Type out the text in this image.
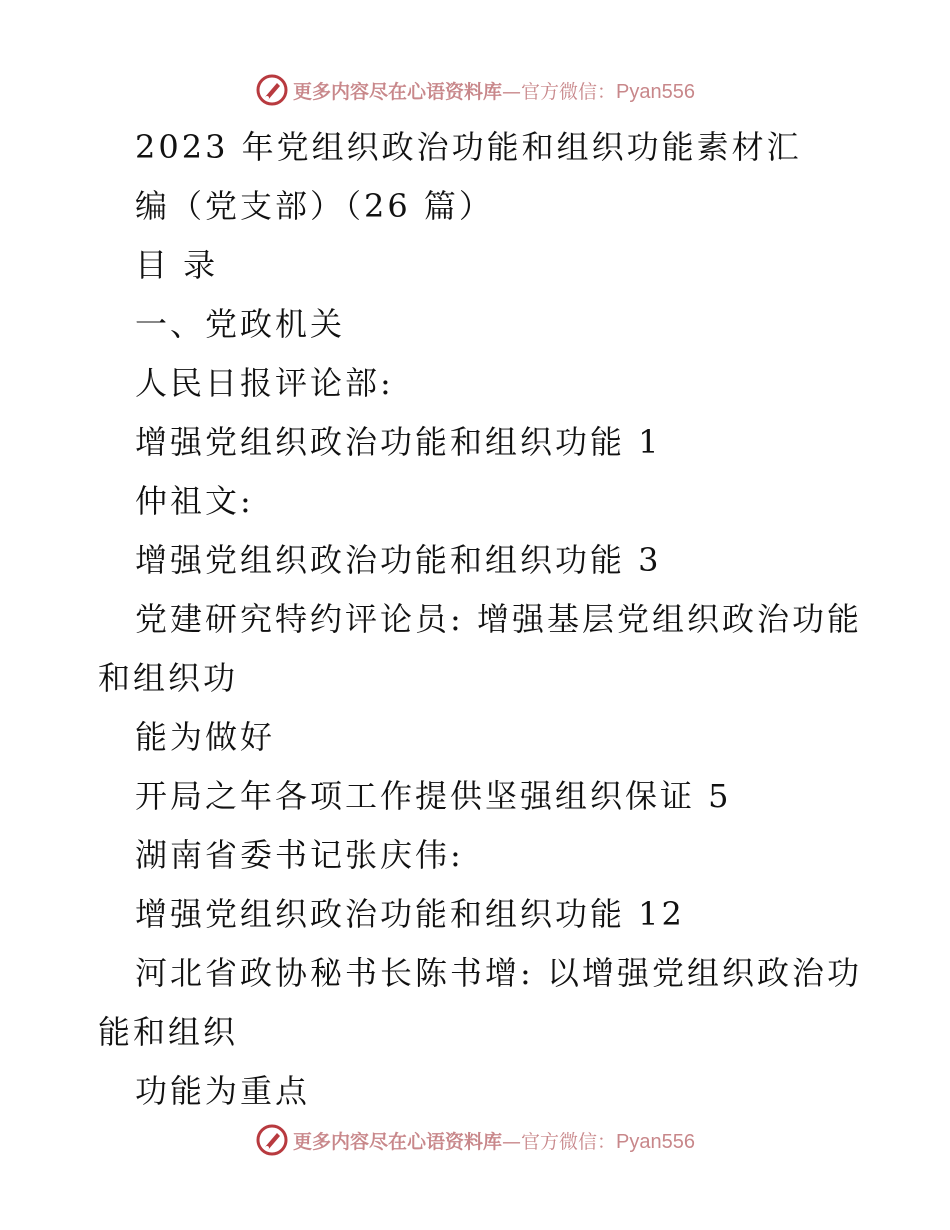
更多内容尽在心语资料库—官方微信：Pyan556
2023 年党组织政治功能和组织功能素材汇
编（党支部）（26 篇）
目 录
一、党政机关
人民日报评论部:
增强党组织政治功能和组织功能 1
仲祖文:
增强党组织政治功能和组织功能 3
党建研究特约评论员: 增强基层党组织政治功能
和组织功
能为做好
开局之年各项工作提供坚强组织保证 5
湖南省委书记张庆伟:
增强党组织政治功能和组织功能 12
河北省政协秘书长陈书增: 以增强党组织政治功
能和组织
功能为重点
更多内容尽在心语资料库—官方微信：Pyan556
